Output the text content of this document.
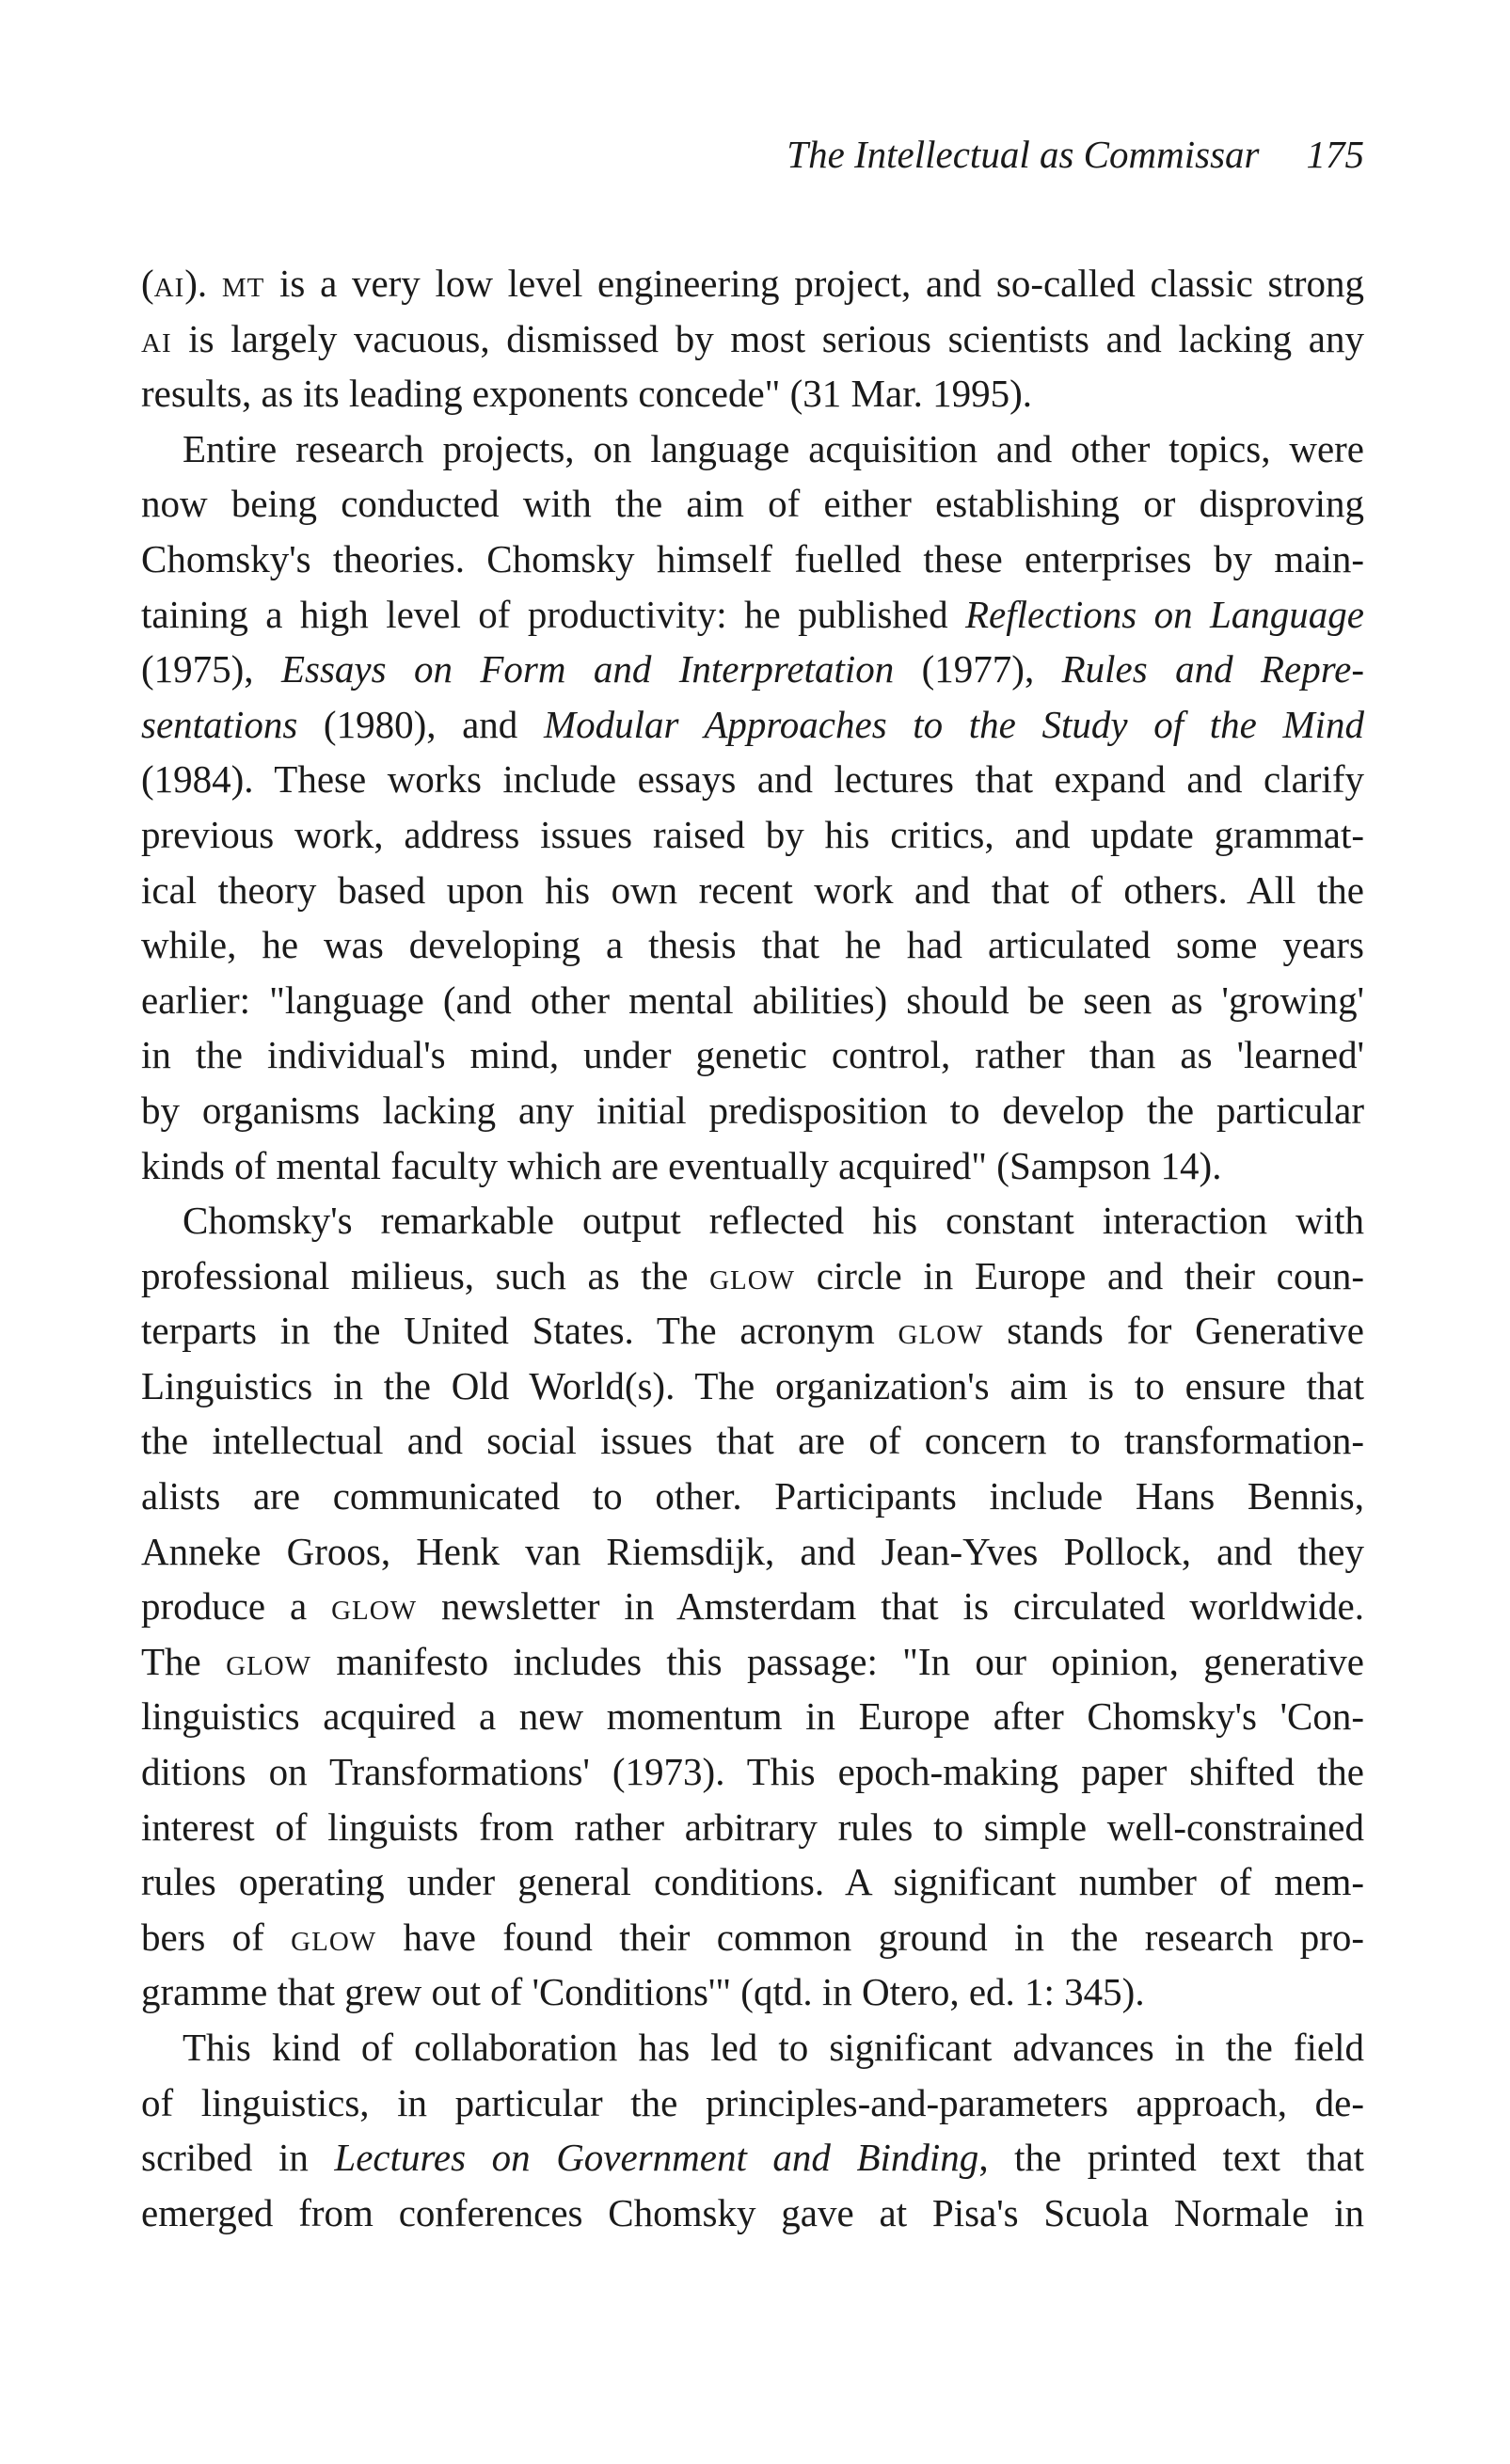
The Intellectual as Commissar 175
(ai). mt is a very low level engineering project, and so-called classic strong
ai is largely vacuous, dismissed by most serious scientists and lacking any
results, as its leading exponents concede" (31 Mar. 1995).
Entire research projects, on language acquisition and other topics, were
now being conducted with the aim of either establishing or disproving
Chomsky's theories. Chomsky himself fuelled these enterprises by main-
taining a high level of productivity: he published Reflections on Language
(1975), Essays on Form and Interpretation (1977), Rules and Repre-
sentations (1980), and Modular Approaches to the Study of the Mind
(1984). These works include essays and lectures that expand and clarify
previous work, address issues raised by his critics, and update grammat-
ical theory based upon his own recent work and that of others. All the
while, he was developing a thesis that he had articulated some years
earlier: "language (and other mental abilities) should be seen as 'growing'
in the individual's mind, under genetic control, rather than as 'learned'
by organisms lacking any initial predisposition to develop the particular
kinds of mental faculty which are eventually acquired" (Sampson 14).
Chomsky's remarkable output reflected his constant interaction with
professional milieus, such as the glow circle in Europe and their coun-
terparts in the United States. The acronym glow stands for Generative
Linguistics in the Old World(s). The organization's aim is to ensure that
the intellectual and social issues that are of concern to transformation-
alists are communicated to other. Participants include Hans Bennis,
Anneke Groos, Henk van Riemsdijk, and Jean-Yves Pollock, and they
produce a glow newsletter in Amsterdam that is circulated worldwide.
The glow manifesto includes this passage: "In our opinion, generative
linguistics acquired a new momentum in Europe after Chomsky's 'Con-
ditions on Transformations' (1973). This epoch-making paper shifted the
interest of linguists from rather arbitrary rules to simple well-constrained
rules operating under general conditions. A significant number of mem-
bers of glow have found their common ground in the research pro-
gramme that grew out of 'Conditions'" (qtd. in Otero, ed. 1: 345).
This kind of collaboration has led to significant advances in the field
of linguistics, in particular the principles-and-parameters approach, de-
scribed in Lectures on Government and Binding, the printed text that
emerged from conferences Chomsky gave at Pisa's Scuola Normale in
